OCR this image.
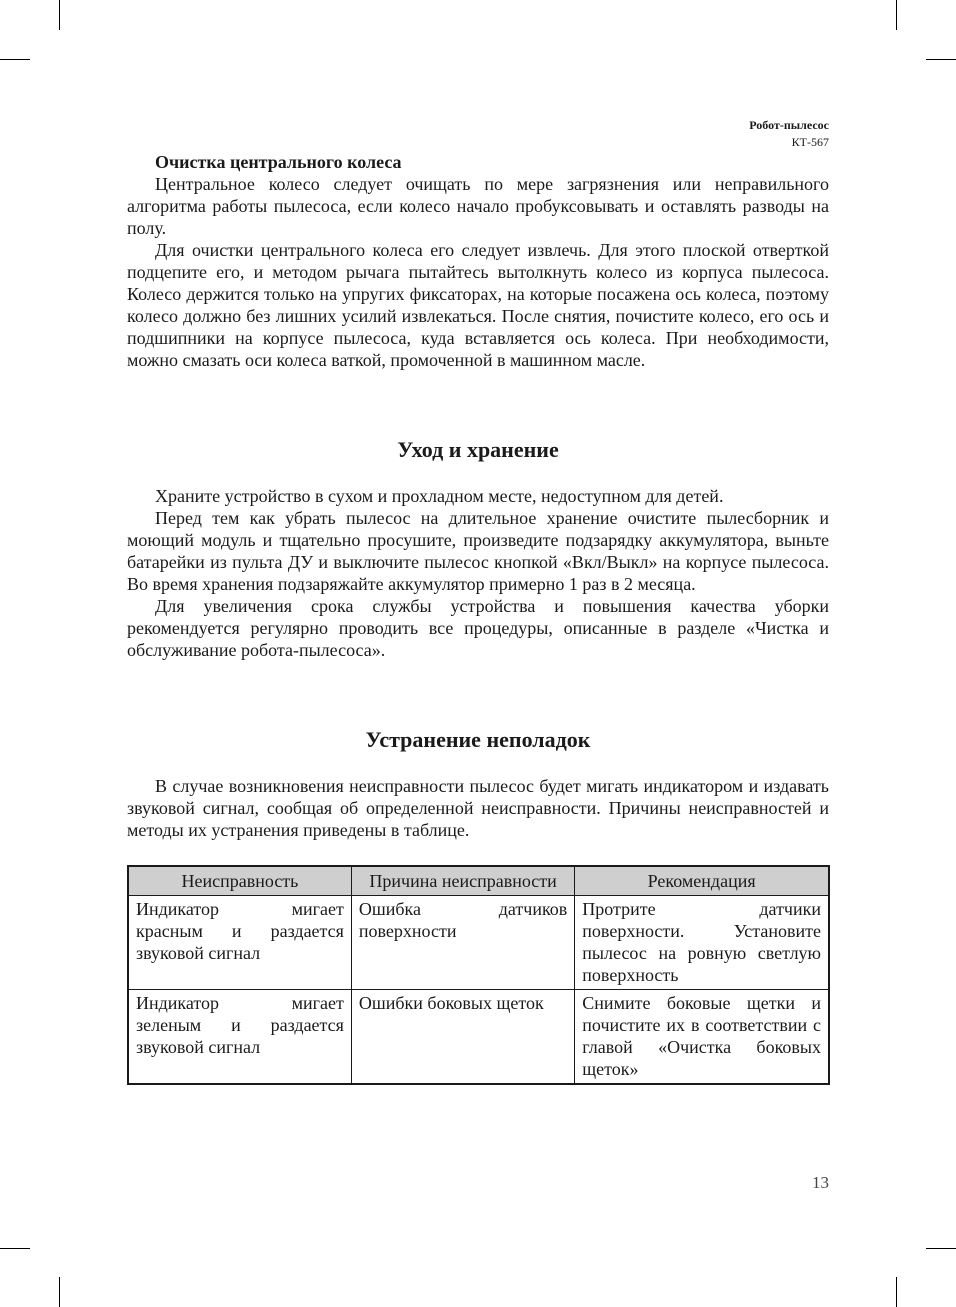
Робот-пылесос
КТ-567
Очистка центрального колеса

Центральное колесо следует очищать по мере загрязнения или неправильного алгоритма работы пылесоса, если колесо начало пробуксовывать и оставлять разводы на полу.

Для очистки центрального колеса его следует извлечь. Для этого плоской отверткой подцепите его, и методом рычага пытайтесь вытолкнуть колесо из корпуса пылесоса. Колесо держится только на упругих фиксаторах, на которые посажена ось колеса, поэтому колесо должно без лишних усилий извлекаться. После снятия, почистите колесо, его ось и подшипники на корпусе пылесоса, куда вставляется ось колеса. При необходимости, можно смазать оси колеса ваткой, промоченной в машинном масле.

Уход и хранение

Храните устройство в сухом и прохладном месте, недоступном для детей.

Перед тем как убрать пылесос на длительное хранение очистите пылесборник и моющий модуль и тщательно просушите, произведите подзарядку аккумулятора, выньте батарейки из пульта ДУ и выключите пылесос кнопкой «Вкл/Выкл» на корпусе пылесоса. Во время хранения подзаряжайте аккумулятор примерно 1 раз в 2 месяца.

Для увеличения срока службы устройства и повышения качества уборки рекомендуется регулярно проводить все процедуры, описанные в разделе «Чистка и обслуживание робота-пылесоса».

Устранение неполадок

В случае возникновения неисправности пылесос будет мигать индикатором и издавать звуковой сигнал, сообщая об определенной неисправности. Причины неисправностей и методы их устранения приведены в таблице.

Неисправность	Причина неисправности	Рекомендация
Индикатор мигает красным и раздается звуковой сигнал	Ошибка датчиков поверхности	Протрите датчики поверхности. Установите пылесос на ровную светлую поверхность
Индикатор мигает зеленым и раздается звуковой сигнал	Ошибки боковых щеток	Снимите боковые щетки и почистите их в соответствии с главой «Очистка боковых щеток»
13
